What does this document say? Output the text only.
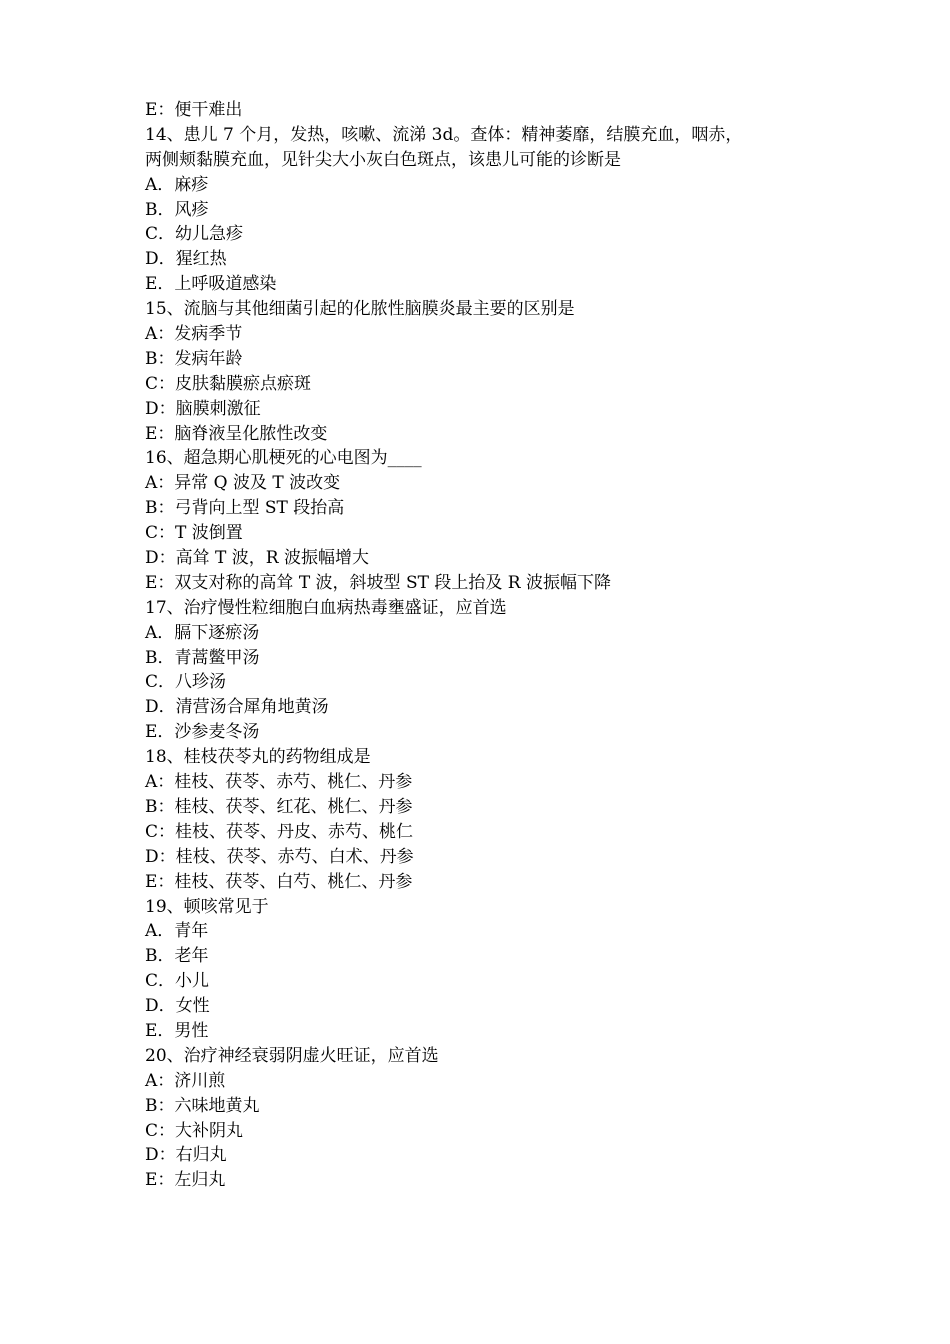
E：便干难出
14、患儿 7 个月，发热，咳嗽、流涕 3d。查体：精神萎靡，结膜充血，咽赤，
两侧颊黏膜充血，见针尖大小灰白色斑点，该患儿可能的诊断是
A．麻疹
B．风疹
C．幼儿急疹
D．猩红热
E．上呼吸道感染
15、流脑与其他细菌引起的化脓性脑膜炎最主要的区别是
A：发病季节
B：发病年龄
C：皮肤黏膜瘀点瘀斑
D：脑膜刺激征
E：脑脊液呈化脓性改变
16、超急期心肌梗死的心电图为____
A：异常 Q 波及 T 波改变
B：弓背向上型 ST 段抬高
C：T 波倒置
D：高耸 T 波，R 波振幅增大
E：双支对称的高耸 T 波，斜坡型 ST 段上抬及 R 波振幅下降
17、治疗慢性粒细胞白血病热毒壅盛证，应首选
A．膈下逐瘀汤
B．青蒿鳖甲汤
C．八珍汤
D．清营汤合犀角地黄汤
E．沙参麦冬汤
18、桂枝茯苓丸的药物组成是
A：桂枝、茯苓、赤芍、桃仁、丹参
B：桂枝、茯苓、红花、桃仁、丹参
C：桂枝、茯苓、丹皮、赤芍、桃仁
D：桂枝、茯苓、赤芍、白术、丹参
E：桂枝、茯苓、白芍、桃仁、丹参
19、顿咳常见于
A．青年
B．老年
C．小儿
D．女性
E．男性
20、治疗神经衰弱阴虚火旺证，应首选
A：济川煎
B：六味地黄丸
C：大补阴丸
D：右归丸
E：左归丸
